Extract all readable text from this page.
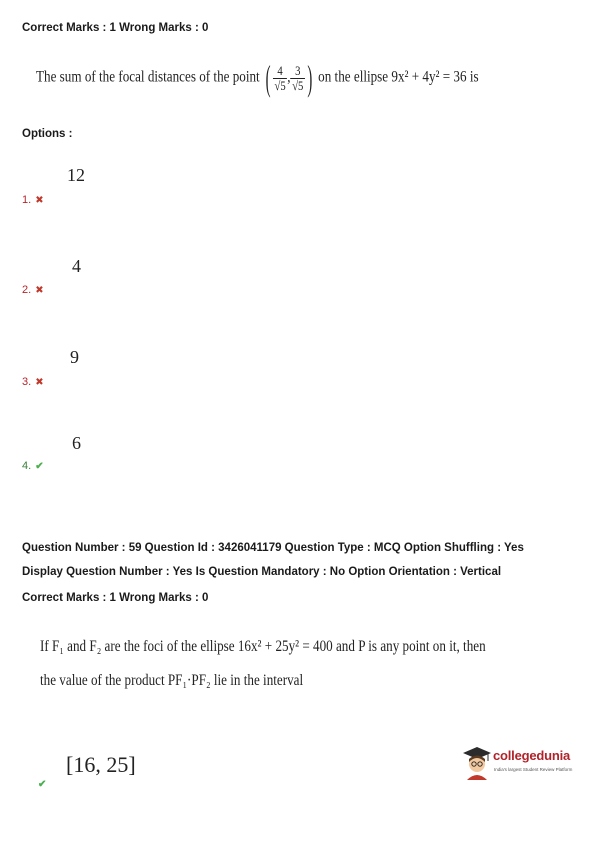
Correct Marks : 1 Wrong Marks : 0
The sum of the focal distances of the point ( $\frac{4}{√5}$ , $\frac{3}{√5}$ ) on the ellipse 9x² + 4y² = 36 is
Options :
12
1. ✖
4
2. ✖
9
3. ✖
6
4. ✔
Question Number : 59 Question Id : 3426041179 Question Type : MCQ Option Shuffling : Yes
Display Question Number : Yes Is Question Mandatory : No Option Orientation : Vertical
Correct Marks : 1 Wrong Marks : 0
If F₁ and F₂ are the foci of the ellipse 16x² + 25y² = 400 and P is any point on it, then
the value of the product PF₁·PF₂ lie in the interval
[16, 25]
✔
collegedunia
India's largest Student Review Platform
